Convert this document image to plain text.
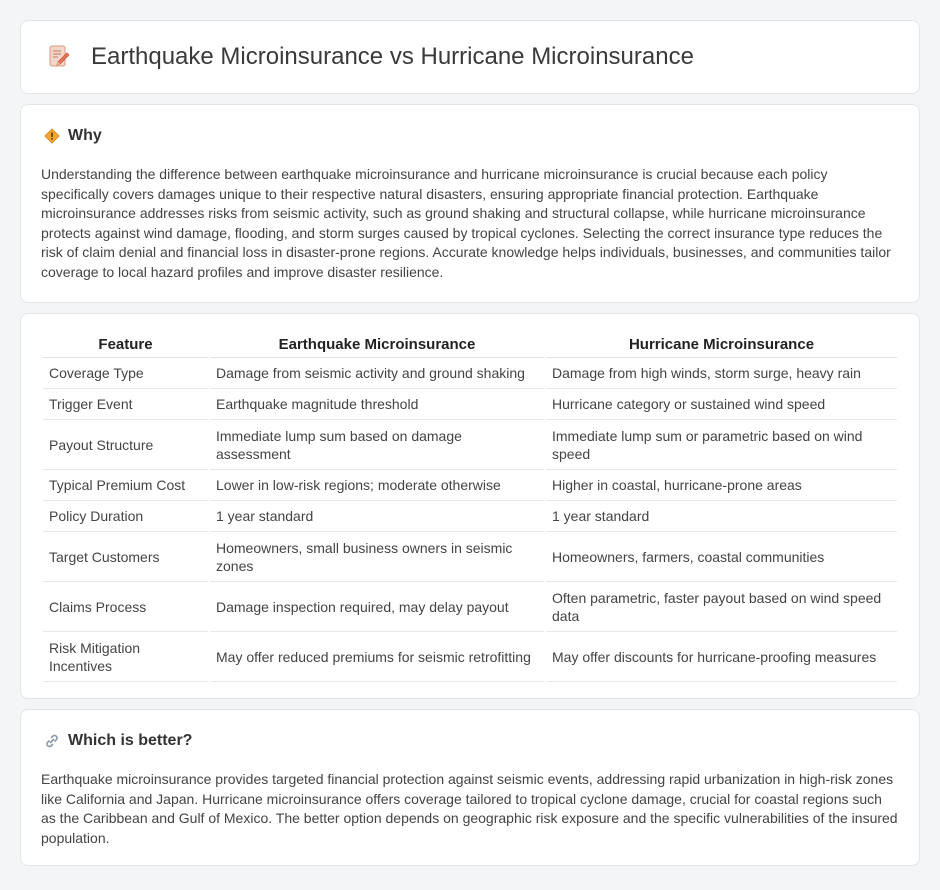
Earthquake Microinsurance vs Hurricane Microinsurance
Why

Understanding the difference between earthquake microinsurance and hurricane microinsurance is crucial because each policy specifically covers damages unique to their respective natural disasters, ensuring appropriate financial protection. Earthquake microinsurance addresses risks from seismic activity, such as ground shaking and structural collapse, while hurricane microinsurance protects against wind damage, flooding, and storm surges caused by tropical cyclones. Selecting the correct insurance type reduces the risk of claim denial and financial loss in disaster-prone regions. Accurate knowledge helps individuals, businesses, and communities tailor coverage to local hazard profiles and improve disaster resilience.

Feature	Earthquake Microinsurance	Hurricane Microinsurance
Coverage Type	Damage from seismic activity and ground shaking	Damage from high winds, storm surge, heavy rain
Trigger Event	Earthquake magnitude threshold	Hurricane category or sustained wind speed
Payout Structure	Immediate lump sum based on damage assessment	Immediate lump sum or parametric based on wind speed
Typical Premium Cost	Lower in low-risk regions; moderate otherwise	Higher in coastal, hurricane-prone areas
Policy Duration	1 year standard	1 year standard
Target Customers	Homeowners, small business owners in seismic zones	Homeowners, farmers, coastal communities
Claims Process	Damage inspection required, may delay payout	Often parametric, faster payout based on wind speed data
Risk Mitigation Incentives	May offer reduced premiums for seismic retrofitting	May offer discounts for hurricane-proofing measures
Which is better?

Earthquake microinsurance provides targeted financial protection against seismic events, addressing rapid urbanization in high-risk zones like California and Japan. Hurricane microinsurance offers coverage tailored to tropical cyclone damage, crucial for coastal regions such as the Caribbean and Gulf of Mexico. The better option depends on geographic risk exposure and the specific vulnerabilities of the insured population.
